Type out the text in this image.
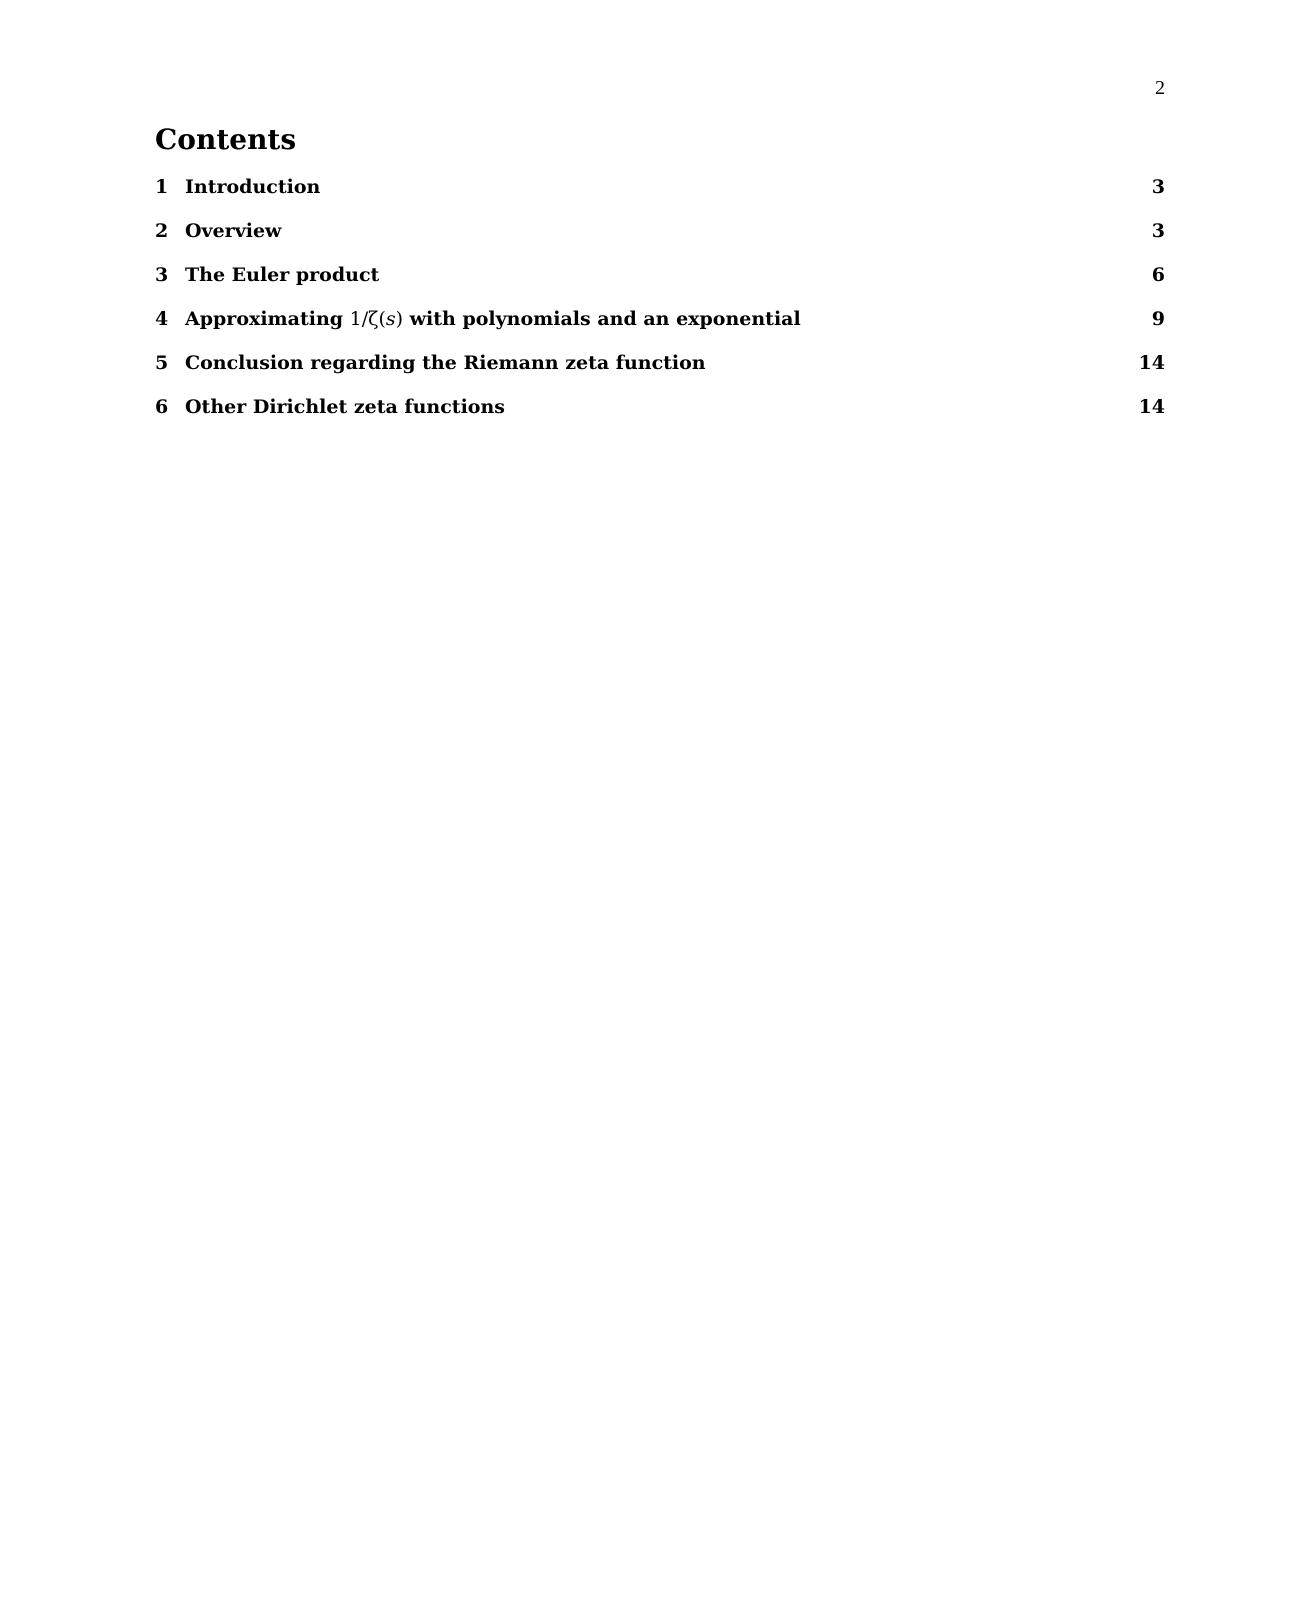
2
Contents
1 Introduction	3
2 Overview	3
3 The Euler product	6
4 Approximating 1/ζ(s) with polynomials and an exponential	9
5 Conclusion regarding the Riemann zeta function	14
6 Other Dirichlet zeta functions	14
